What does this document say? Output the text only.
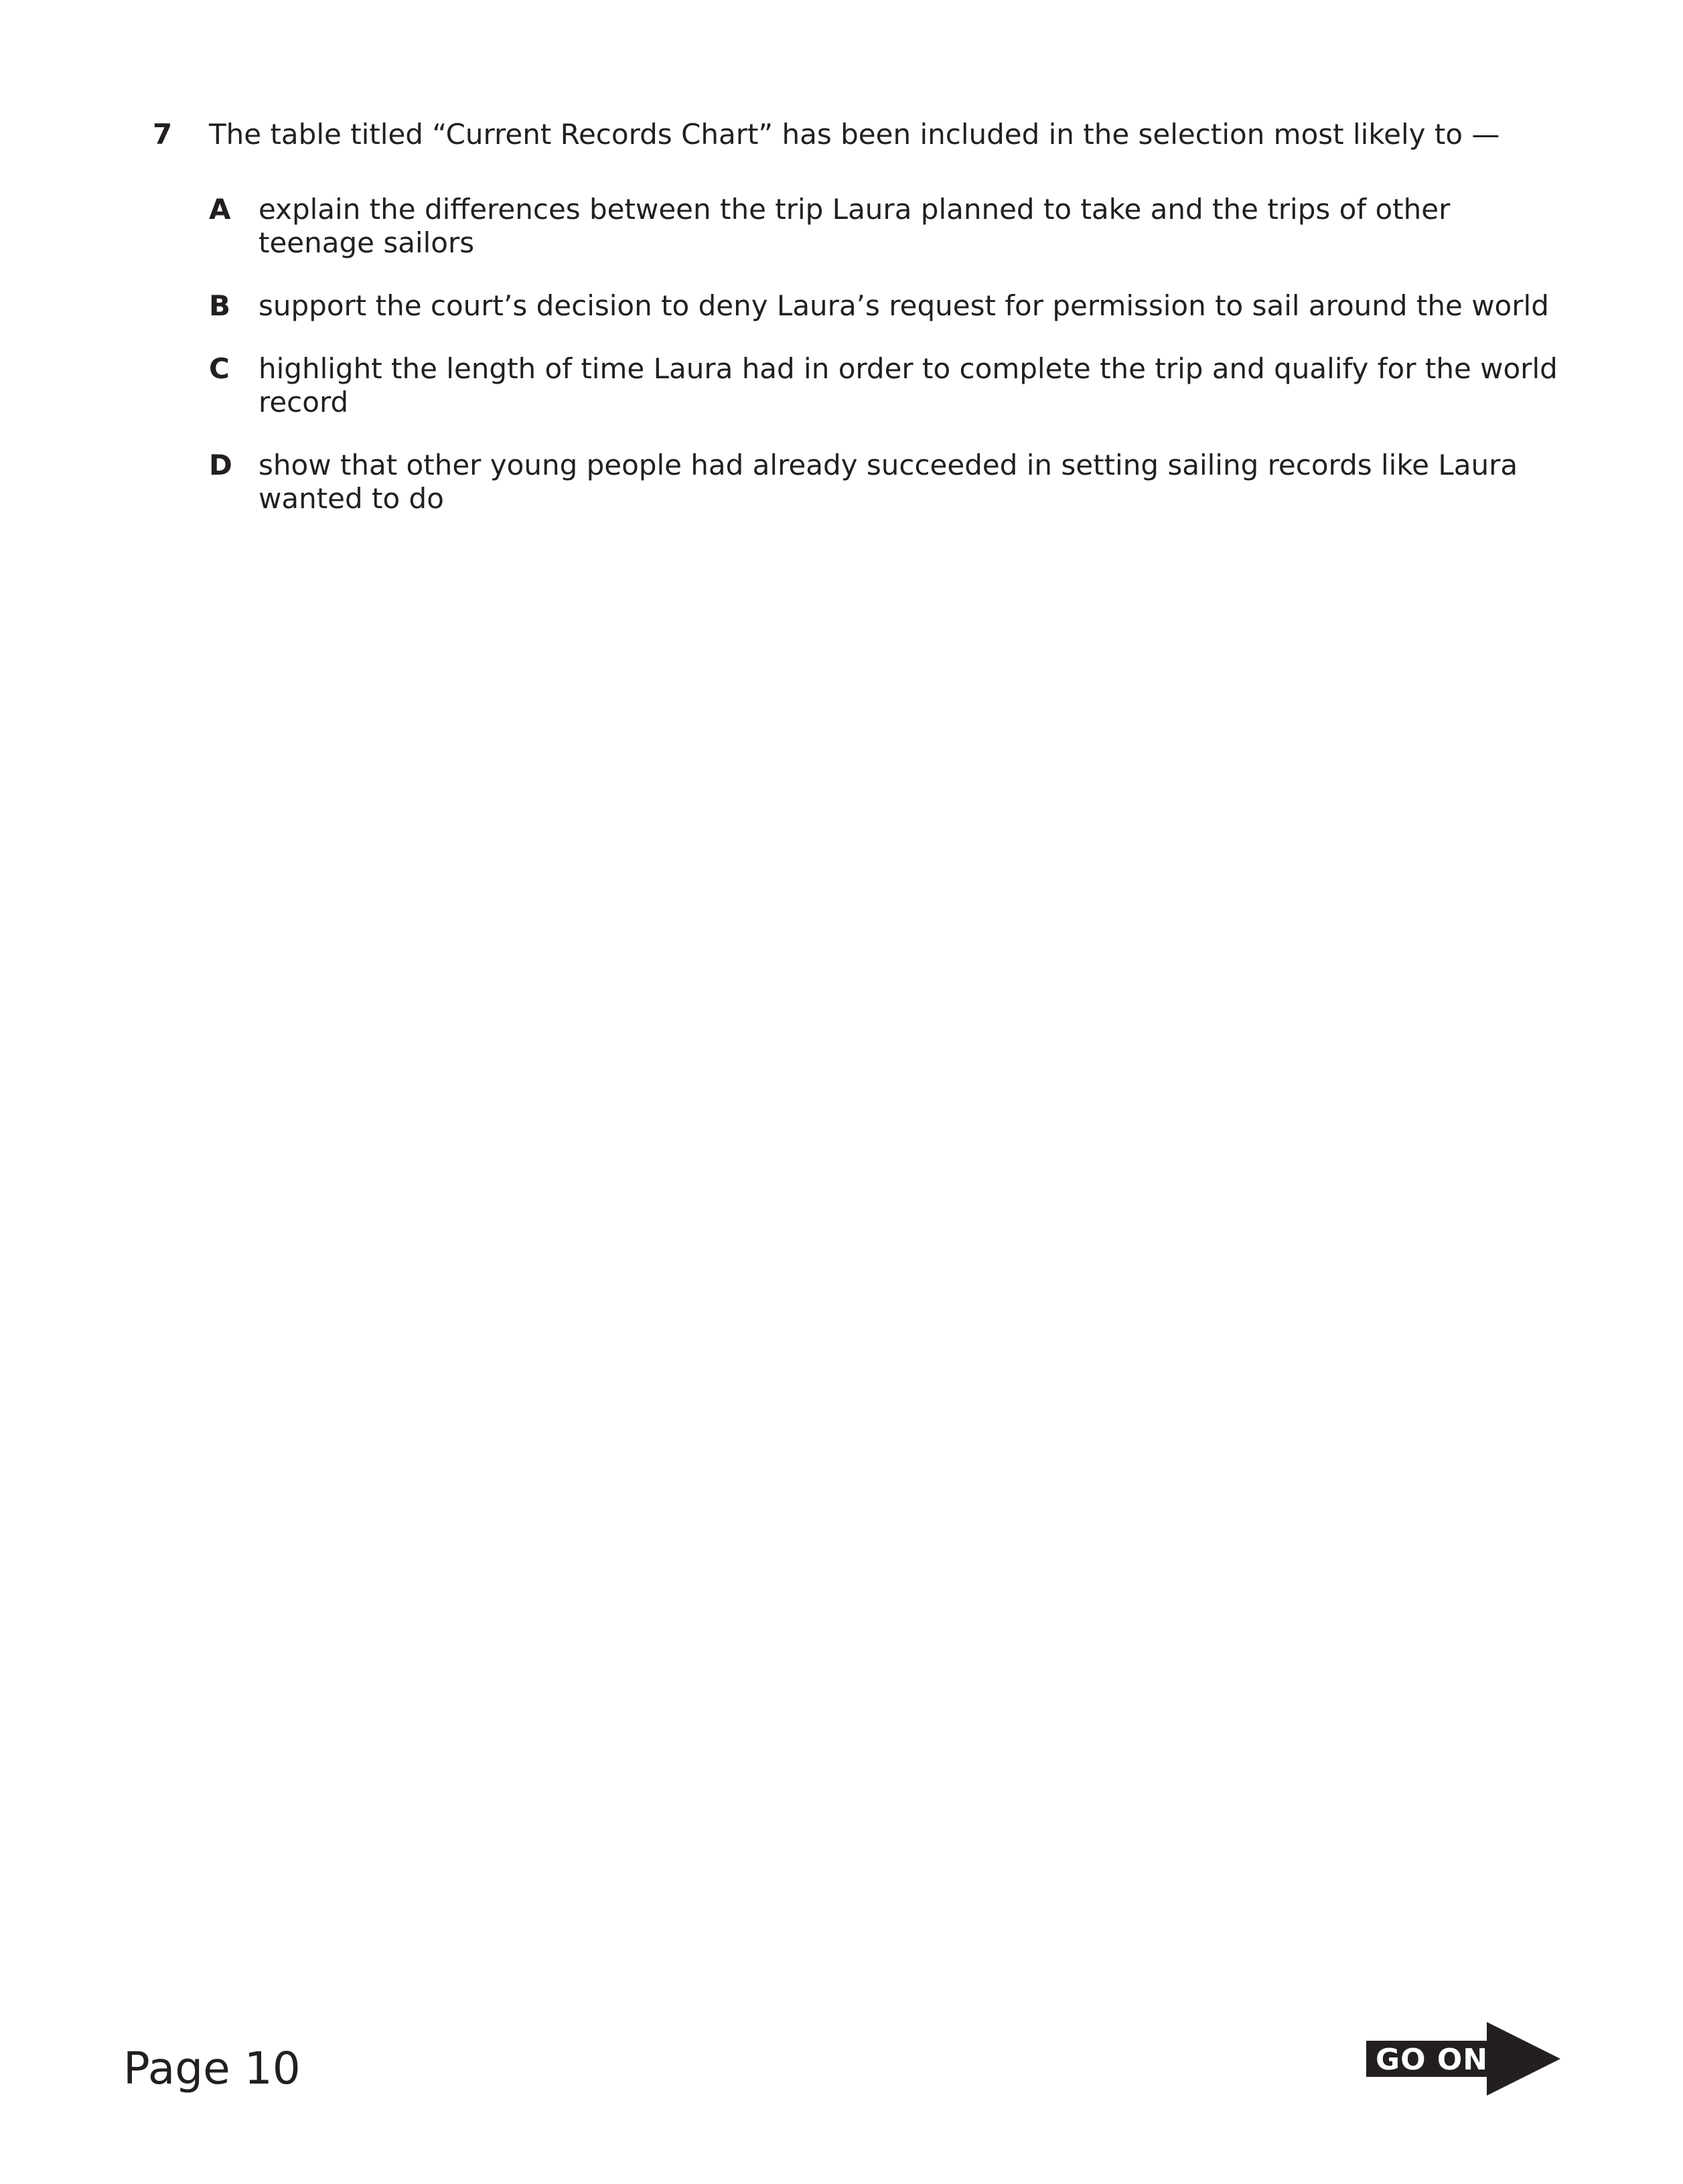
7 The table titled “Current Records Chart” has been included in the selection most likely to —
A explain the differences between the trip Laura planned to take and the trips of other teenage sailors
B support the court’s decision to deny Laura’s request for permission to sail around the world
C highlight the length of time Laura had in order to complete the trip and qualify for the world record
D show that other young people had already succeeded in setting sailing records like Laura wanted to do
Page 10	GO ON
